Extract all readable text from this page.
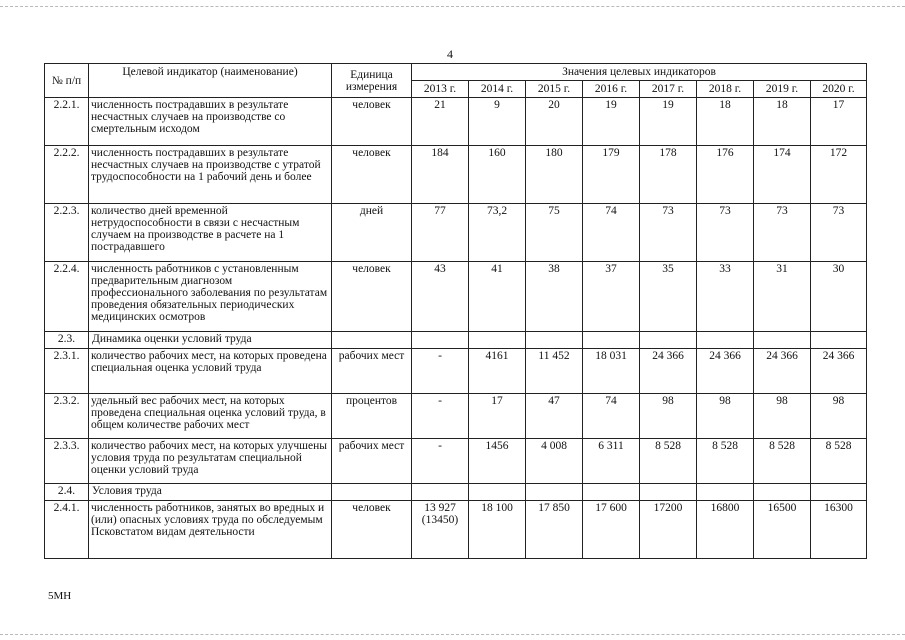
4
№ п/п	Целевой индикатор (наименование)	Единица измерения	Значения целевых индикаторов							
			2013 г.	2014 г.	2015 г.	2016 г.	2017 г.	2018 г.	2019 г.	2020 г.
2.2.1.	численность пострадавших в результате несчастных случаев на производстве со смертельным исходом	человек	21	9	20	19	19	18	18	17
2.2.2.	численность пострадавших в результате несчастных случаев на производстве с утратой трудоспособности на 1 рабочий день и более	человек	184	160	180	179	178	176	174	172
2.2.3.	количество дней временной нетрудоспособности в связи с несчастным случаем на производстве в расчете на 1 пострадавшего	дней	77	73,2	75	74	73	73	73	73
2.2.4.	численность работников с установленным предварительным диагнозом профессионального заболевания по результатам проведения обязательных периодических медицинских осмотров	человек	43	41	38	37	35	33	31	30
2.3.	Динамика оценки условий труда									
2.3.1.	количество рабочих мест, на которых проведена специальная оценка условий труда	рабочих мест	-	4161	11 452	18 031	24 366	24 366	24 366	24 366
2.3.2.	удельный вес рабочих мест, на которых проведена специальная оценка условий труда, в общем количестве рабочих мест	процентов	-	17	47	74	98	98	98	98
2.3.3.	количество рабочих мест, на которых улучшены условия труда по результатам специальной оценки условий труда	рабочих мест	-	1456	4 008	6 311	8 528	8 528	8 528	8 528
2.4.	Условия труда									
2.4.1.	численность работников, занятых во вредных и (или) опасных условиях труда по обследуемым Псковстатом видам деятельности	человек	13 927 (13450)	18 100	17 850	17 600	17200	16800	16500	16300
5МН
